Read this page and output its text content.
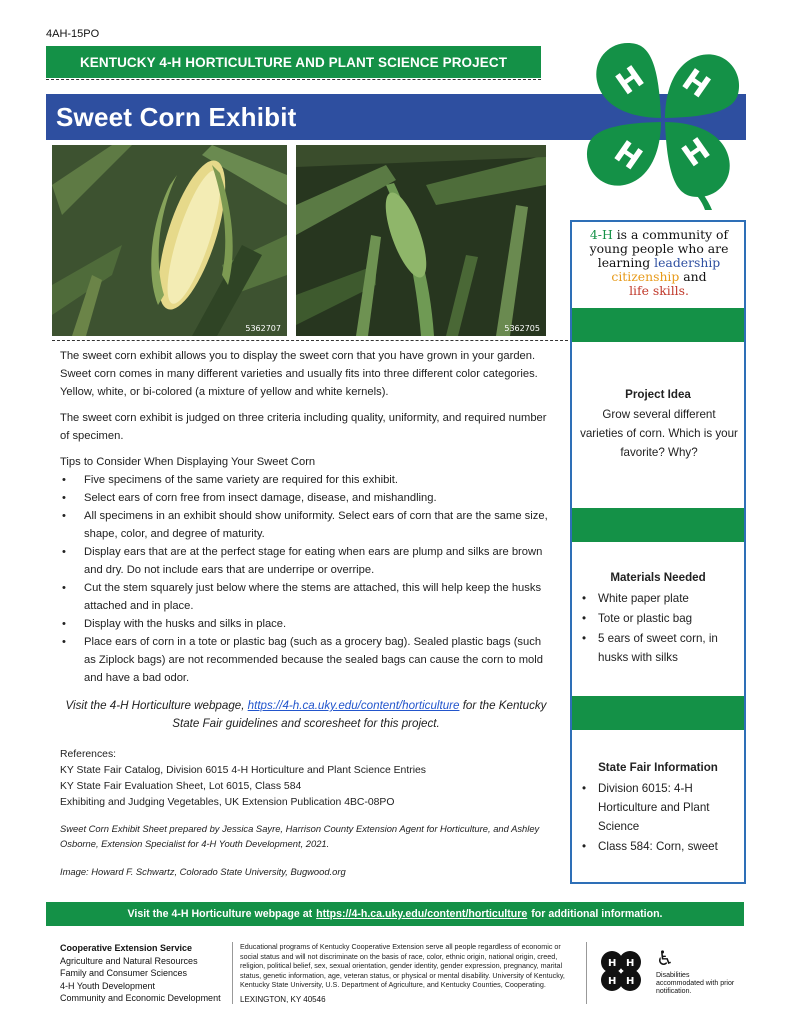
4AH-15PO
KENTUCKY 4-H HORTICULTURE AND PLANT SCIENCE PROJECT
Sweet Corn Exhibit
H H
H
H
5362707	5362705

The sweet corn exhibit allows you to display the sweet corn that you have grown in your garden. Sweet corn comes in many different varieties and usually fits into three different color categories. Yellow, white, or bi-colored (a mixture of yellow and white kernels).

The sweet corn exhibit is judged on three criteria including quality, uniformity, and required number of specimen.

Tips to Consider When Displaying Your Sweet Corn
• Five specimens of the same variety are required for this exhibit.
• Select ears of corn free from insect damage, disease, and mishandling.
• All specimens in an exhibit should show uniformity. Select ears of corn that are the same size, shape, color, and degree of maturity.
• Display ears that are at the perfect stage for eating when ears are plump and silks are brown and dry. Do not include ears that are underripe or overripe.
• Cut the stem squarely just below where the stems are attached, this will help keep the husks attached and in place.
• Display with the husks and silks in place.
• Place ears of corn in a tote or plastic bag (such as a grocery bag). Sealed plastic bags (such as Ziplock bags) are not recommended because the sealed bags can cause the corn to mold and have a bad odor.
Visit the 4-H Horticulture webpage, https://4-h.ca.uky.edu/content/horticulture for the Kentucky State Fair guidelines and scoresheet for this project.
References:
KY State Fair Catalog, Division 6015 4-H Horticulture and Plant Science Entries
KY State Fair Evaluation Sheet, Lot 6015, Class 584
Exhibiting and Judging Vegetables, UK Extension Publication 4BC-08PO
Sweet Corn Exhibit Sheet prepared by Jessica Sayre, Harrison County Extension Agent for Horticulture, and Ashley Osborne, Extension Specialist for 4-H Youth Development, 2021.
Image: Howard F. Schwartz, Colorado State University, Bugwood.org
4-H is a community of young people who are learning leadership
citizenship and
life skills.
Project Idea
Grow several different varieties of corn. Which is your favorite? Why?
Materials Needed
• White paper plate
• Tote or plastic bag
• 5 ears of sweet corn, in husks with silks
State Fair Information
• Division 6015: 4-H Horticulture and Plant Science
• Class 584: Corn, sweet
Visit the 4-H Horticulture webpage at https://4-h.ca.uky.edu/content/horticulture for additional information.
Cooperative Extension Service
Agriculture and Natural Resources
Family and Consumer Sciences
4-H Youth Development
Community and Economic Development
Educational programs of Kentucky Cooperative Extension serve all people regardless of economic or social status and will not discriminate on the basis of race, color, ethnic origin, national origin, creed, religion, political belief, sex, sexual orientation, gender identity, gender expression, pregnancy, marital status, genetic information, age, veteran status, or physical or mental disability. University of Kentucky, Kentucky State University, U.S. Department of Agriculture, and Kentucky Counties, Cooperating.
LEXINGTON, KY 40546
H H
H H
♿
Disabilities accommodated with prior notification.
